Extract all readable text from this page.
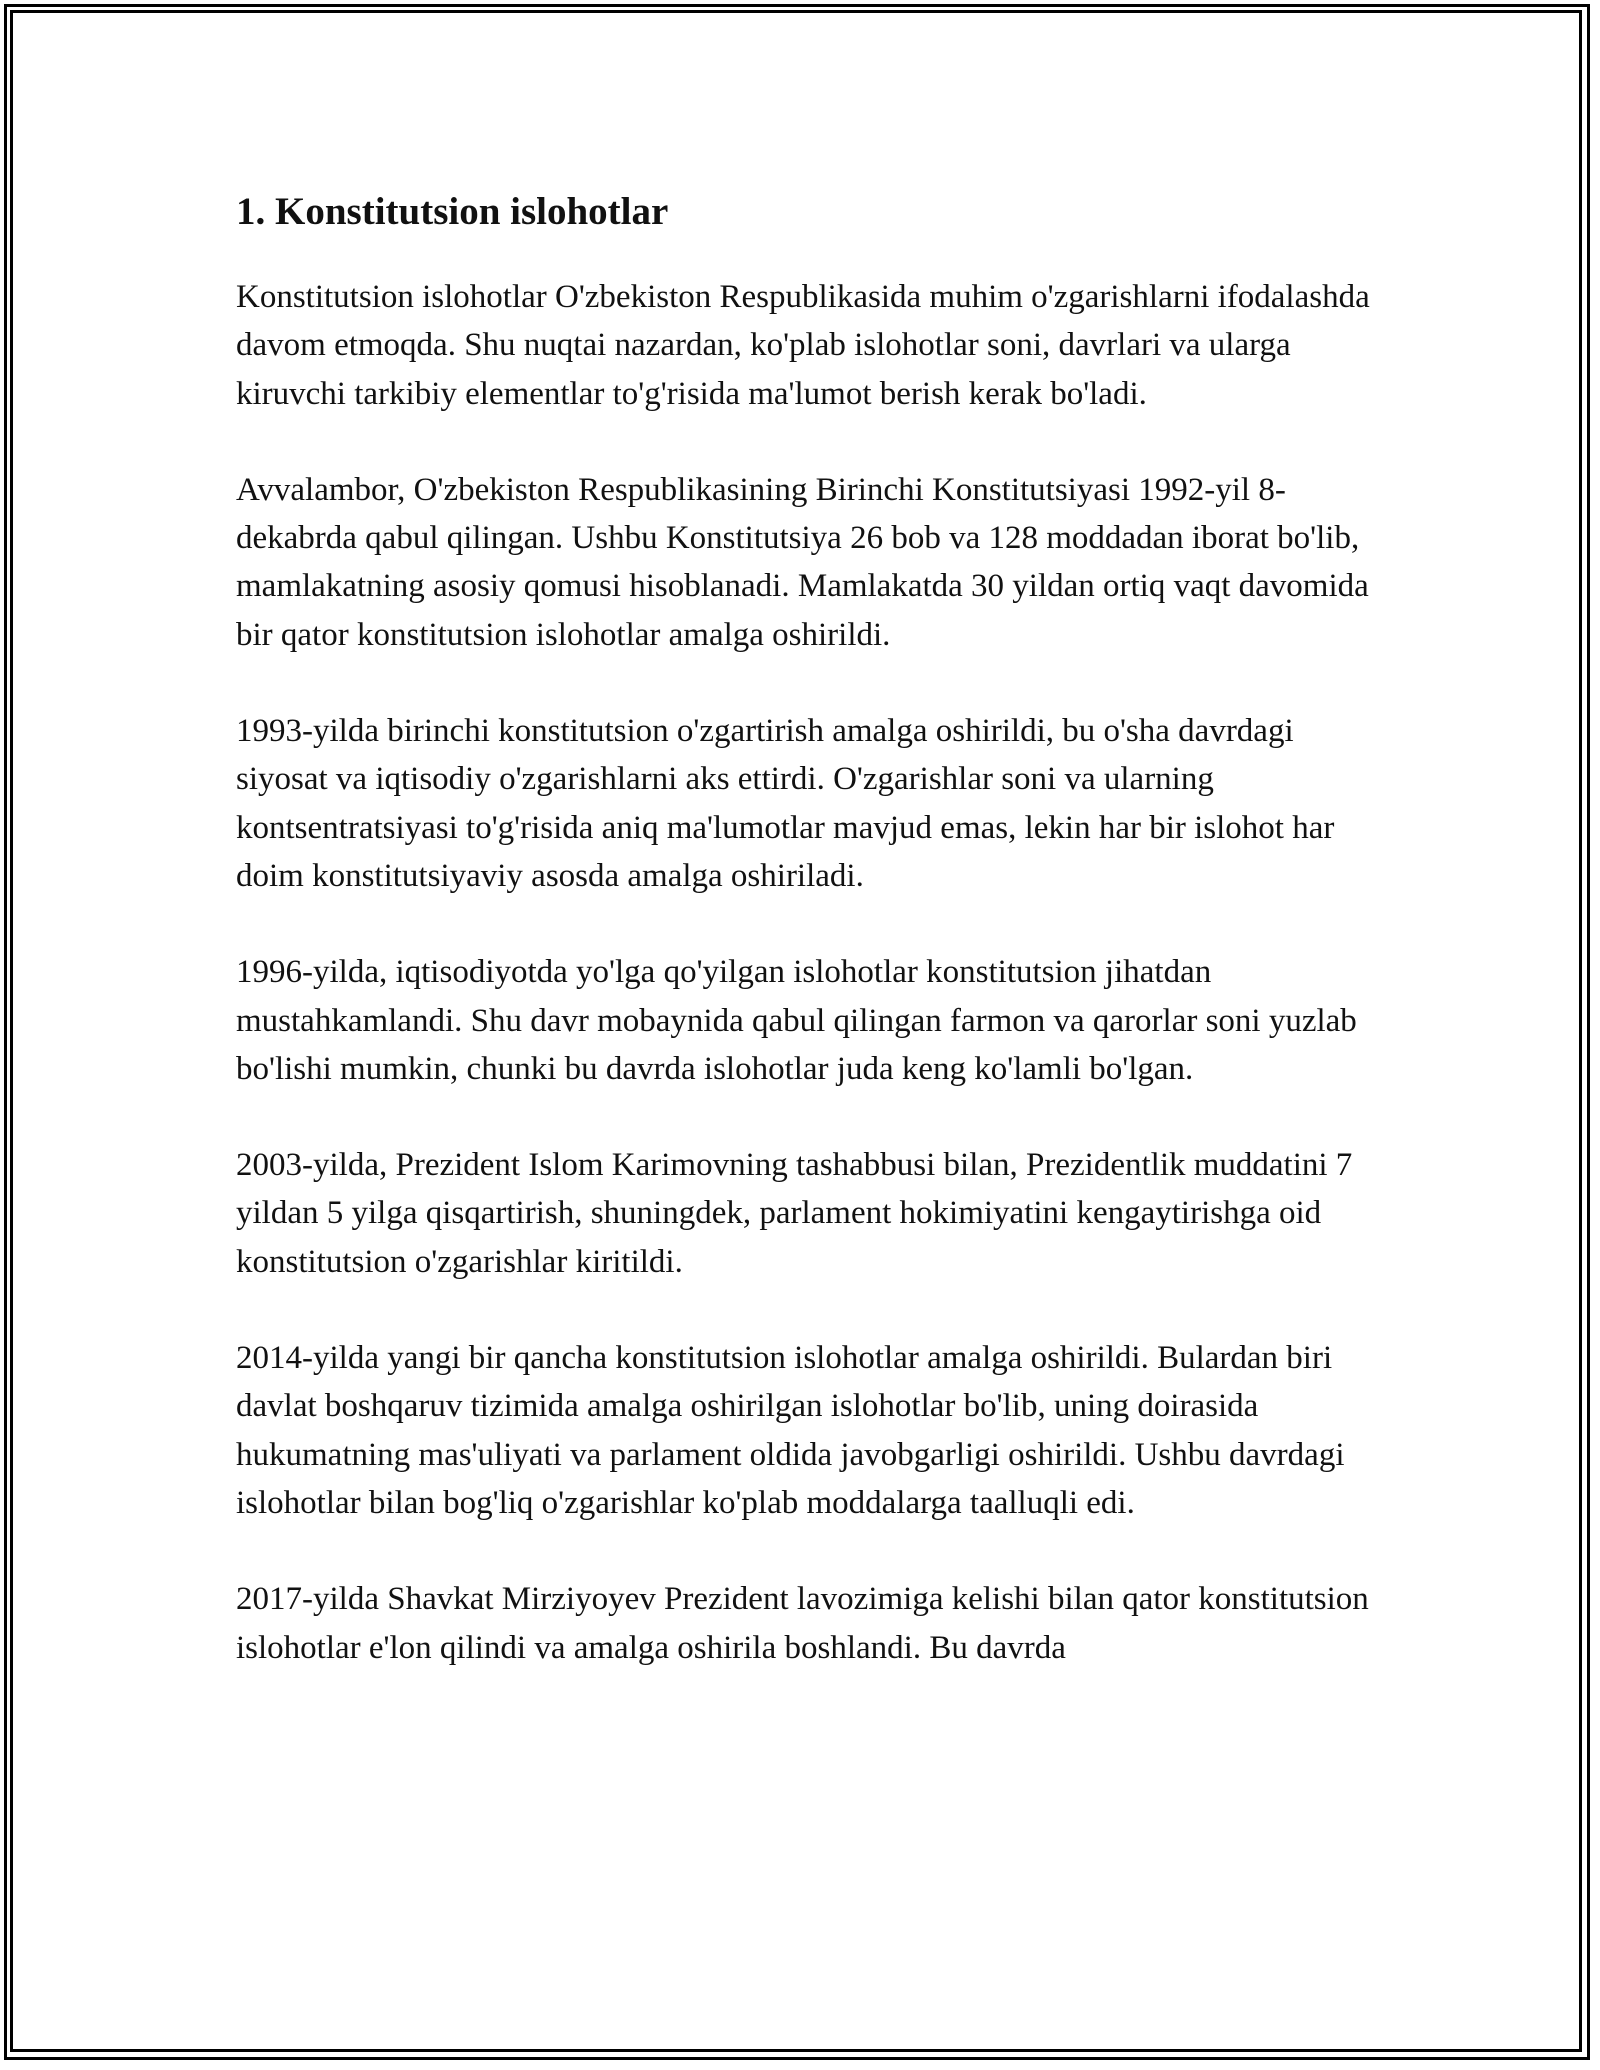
1. Konstitutsion islohotlar

Konstitutsion islohotlar O'zbekiston Respublikasida muhim o'zgarishlarni ifodalashda davom etmoqda. Shu nuqtai nazardan, ko'plab islohotlar soni, davrlari va ularga kiruvchi tarkibiy elementlar to'g'risida ma'lumot berish kerak bo'ladi.

Avvalambor, O'zbekiston Respublikasining Birinchi Konstitutsiyasi 1992-yil 8-dekabrda qabul qilingan. Ushbu Konstitutsiya 26 bob va 128 moddadan iborat bo'lib, mamlakatning asosiy qomusi hisoblanadi. Mamlakatda 30 yildan ortiq vaqt davomida bir qator konstitutsion islohotlar amalga oshirildi.

1993-yilda birinchi konstitutsion o'zgartirish amalga oshirildi, bu o'sha davrdagi siyosat va iqtisodiy o'zgarishlarni aks ettirdi. O'zgarishlar soni va ularning kontsentratsiyasi to'g'risida aniq ma'lumotlar mavjud emas, lekin har bir islohot har doim konstitutsiyaviy asosda amalga oshiriladi.

1996-yilda, iqtisodiyotda yo'lga qo'yilgan islohotlar konstitutsion jihatdan mustahkamlandi. Shu davr mobaynida qabul qilingan farmon va qarorlar soni yuzlab bo'lishi mumkin, chunki bu davrda islohotlar juda keng ko'lamli bo'lgan.

2003-yilda, Prezident Islom Karimovning tashabbusi bilan, Prezidentlik muddatini 7 yildan 5 yilga qisqartirish, shuningdek, parlament hokimiyatini kengaytirishga oid konstitutsion o'zgarishlar kiritildi.

2014-yilda yangi bir qancha konstitutsion islohotlar amalga oshirildi. Bulardan biri davlat boshqaruv tizimida amalga oshirilgan islohotlar bo'lib, uning doirasida hukumatning mas'uliyati va parlament oldida javobgarligi oshirildi. Ushbu davrdagi islohotlar bilan bog'liq o'zgarishlar ko'plab moddalarga taalluqli edi.

2017-yilda Shavkat Mirziyoyev Prezident lavozimiga kelishi bilan qator konstitutsion islohotlar e'lon qilindi va amalga oshirila boshlandi. Bu davrda
